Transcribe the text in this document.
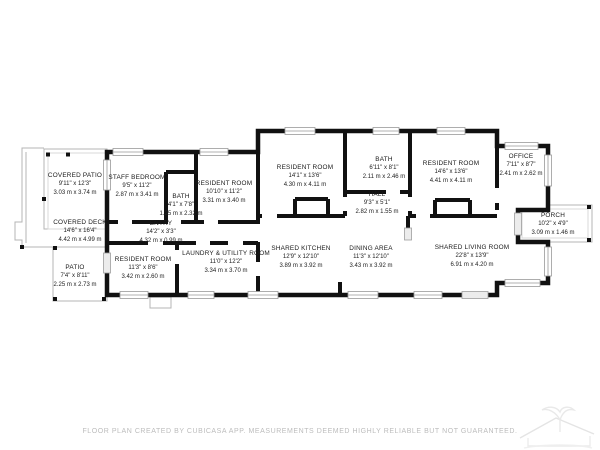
COVERED PATIO
9'11" x 12'3"
3.03 m x 3.74 m
COVERED DECK
14'6" x 16'4"
4.42 m x 4.99 m
PATIO
7'4" x 8'11"
2.25 m x 2.73 m
STAFF BEDROOM
9'5" x 11'2"
2.87 m x 3.41 m	BATH
4'1" x 7'8"
1.25 m x 2.32 m
RESIDENT ROOM
10'10" x 11'2"
3.31 m x 3.40 m
ENTRY
14'2" x 3'3"
4.32 m x 0.99 m
RESIDENT ROOM
11'3" x 8'6"
3.42 m x 2.60 m
LAUNDRY & UTILITY ROOM
11'0" x 12'2"
3.34 m x 3.70 m
RESIDENT ROOM
14'1" x 13'6"
4.30 m x 4.11 m
BATH
6'11" x 8'1"
2.11 m x 2.46 m
HALL
9'3" x 5'1"
2.82 m x 1.55 m
RESIDENT ROOM
14'6" x 13'6"
4.41 m x 4.11 m
OFFICE
7'11" x 8'7"
2.41 m x 2.62 m
PORCH
10'2" x 4'9"
3.09 m x 1.46 m
SHARED KITCHEN
12'9" x 12'10"
3.89 m x 3.92 m
DINING AREA
11'3" x 12'10"
3.43 m x 3.92 m
SHARED LIVING ROOM
22'8" x 13'9"
6.91 m x 4.20 m
FLOOR PLAN CREATED BY CUBICASA APP. MEASUREMENTS DEEMED HIGHLY RELIABLE BUT NOT GUARANTEED.
